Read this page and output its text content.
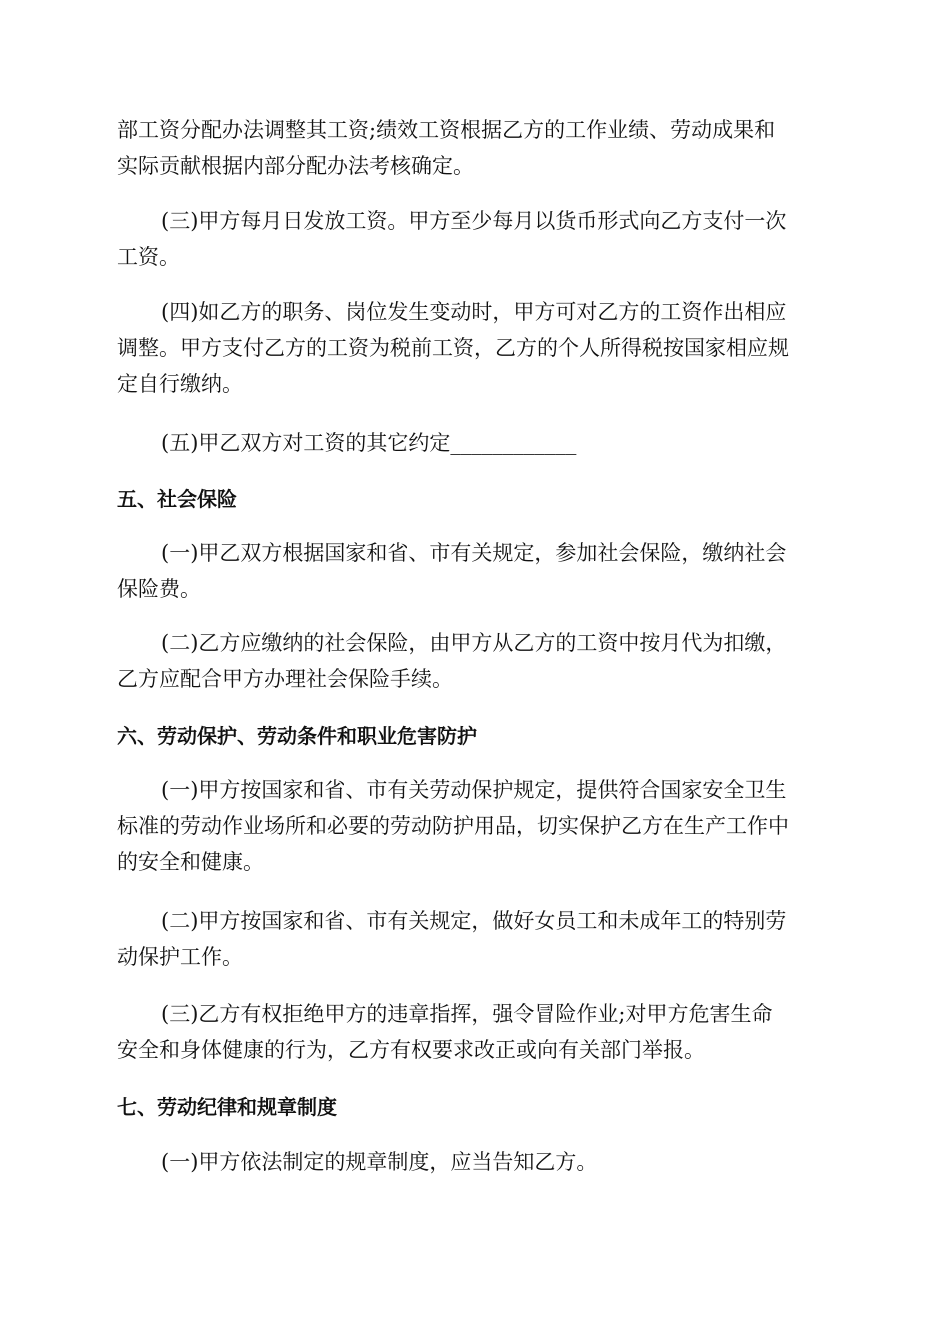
部工资分配办法调整其工资;绩效工资根据乙方的工作业绩、劳动成果和
实际贡献根据内部分配办法考核确定。
(三)甲方每月日发放工资。甲方至少每月以货币形式向乙方支付一次
工资。
(四)如乙方的职务、岗位发生变动时，甲方可对乙方的工资作出相应
调整。甲方支付乙方的工资为税前工资，乙方的个人所得税按国家相应规
定自行缴纳。
(五)甲乙双方对工资的其它约定____________
五、社会保险
(一)甲乙双方根据国家和省、市有关规定，参加社会保险，缴纳社会
保险费。
(二)乙方应缴纳的社会保险，由甲方从乙方的工资中按月代为扣缴，
乙方应配合甲方办理社会保险手续。
六、劳动保护、劳动条件和职业危害防护
(一)甲方按国家和省、市有关劳动保护规定，提供符合国家安全卫生
标准的劳动作业场所和必要的劳动防护用品，切实保护乙方在生产工作中
的安全和健康。
(二)甲方按国家和省、市有关规定，做好女员工和未成年工的特别劳
动保护工作。
(三)乙方有权拒绝甲方的违章指挥，强令冒险作业;对甲方危害生命
安全和身体健康的行为，乙方有权要求改正或向有关部门举报。
七、劳动纪律和规章制度
(一)甲方依法制定的规章制度，应当告知乙方。
